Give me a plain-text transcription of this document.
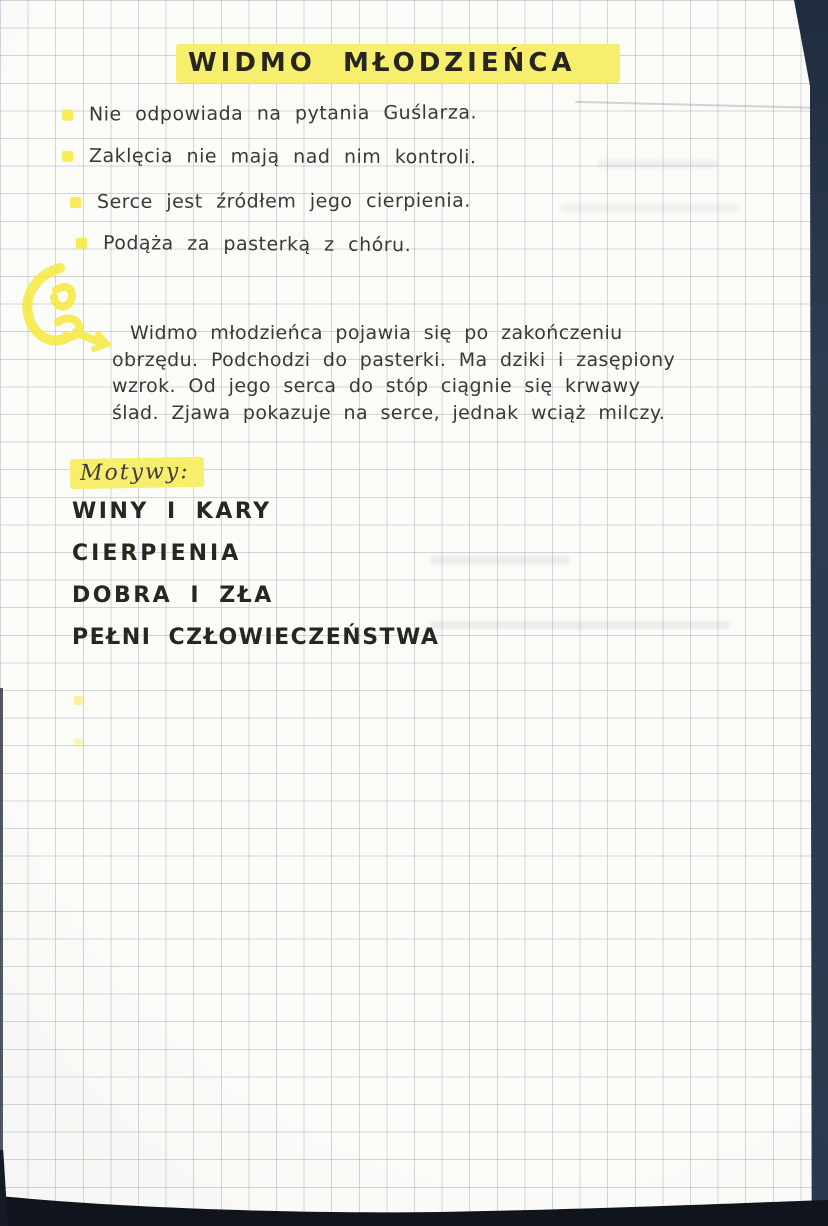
WIDMO MŁODZIEŃCA
Nie odpowiada na pytania Guślarza.
Zaklęcia nie mają nad nim kontroli.
Serce jest źródłem jego cierpienia.
Podąża za pasterką z chóru.
Widmo młodzieńca pojawia się po zakończeniu
obrzędu. Podchodzi do pasterki. Ma dziki i zasępiony
wzrok. Od jego serca do stóp ciągnie się krwawy
ślad. Zjawa pokazuje na serce, jednak wciąż milczy.
Motywy:
WINY I KARY
CIERPIENIA
DOBRA I ZŁA
PEŁNI CZŁOWIECZEŃSTWA
